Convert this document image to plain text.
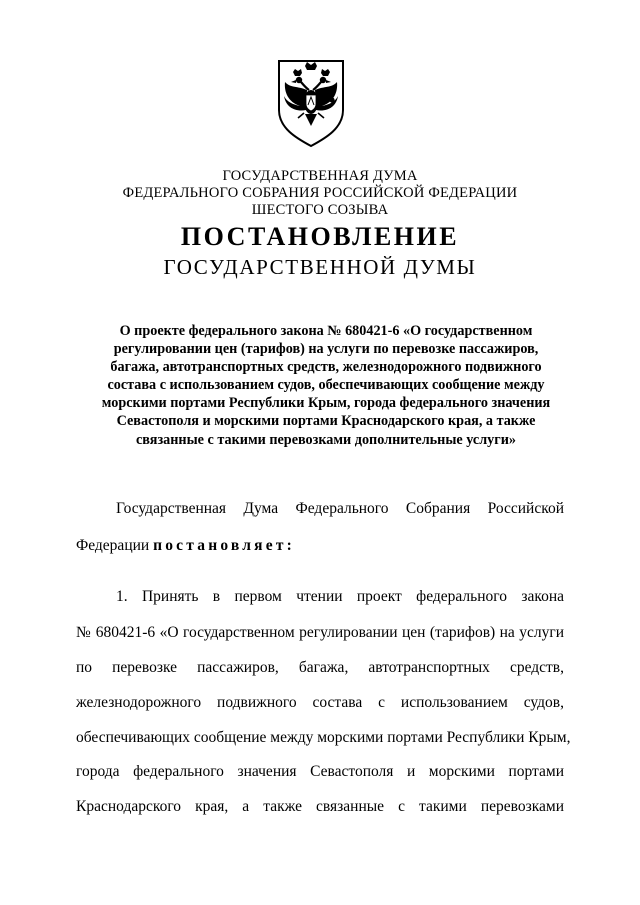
ГОСУДАРСТВЕННАЯ ДУМА
ФЕДЕРАЛЬНОГО СОБРАНИЯ РОССИЙСКОЙ ФЕДЕРАЦИИ
ШЕСТОГО СОЗЫВА
ПОСТАНОВЛЕНИЕ
ГОСУДАРСТВЕННОЙ ДУМЫ
О проекте федерального закона № 680421-6 «О государственном
регулировании цен (тарифов) на услуги по перевозке пассажиров,
багажа, автотранспортных средств, железнодорожного подвижного
состава с использованием судов, обеспечивающих сообщение между
морскими портами Республики Крым, города федерального значения
Севастополя и морскими портами Краснодарского края, а также
связанные с такими перевозками дополнительные услуги»
Государственная Дума Федерального Собрания Российской
Федерации постановляет:
1. Принять в первом чтении проект федерального закона
№ 680421-6 «О государственном регулировании цен (тарифов) на услуги
по перевозке пассажиров, багажа, автотранспортных средств,
железнодорожного подвижного состава с использованием судов,
обеспечивающих сообщение между морскими портами Республики Крым,
города федерального значения Севастополя и морскими портами
Краснодарского края, а также связанные с такими перевозками
